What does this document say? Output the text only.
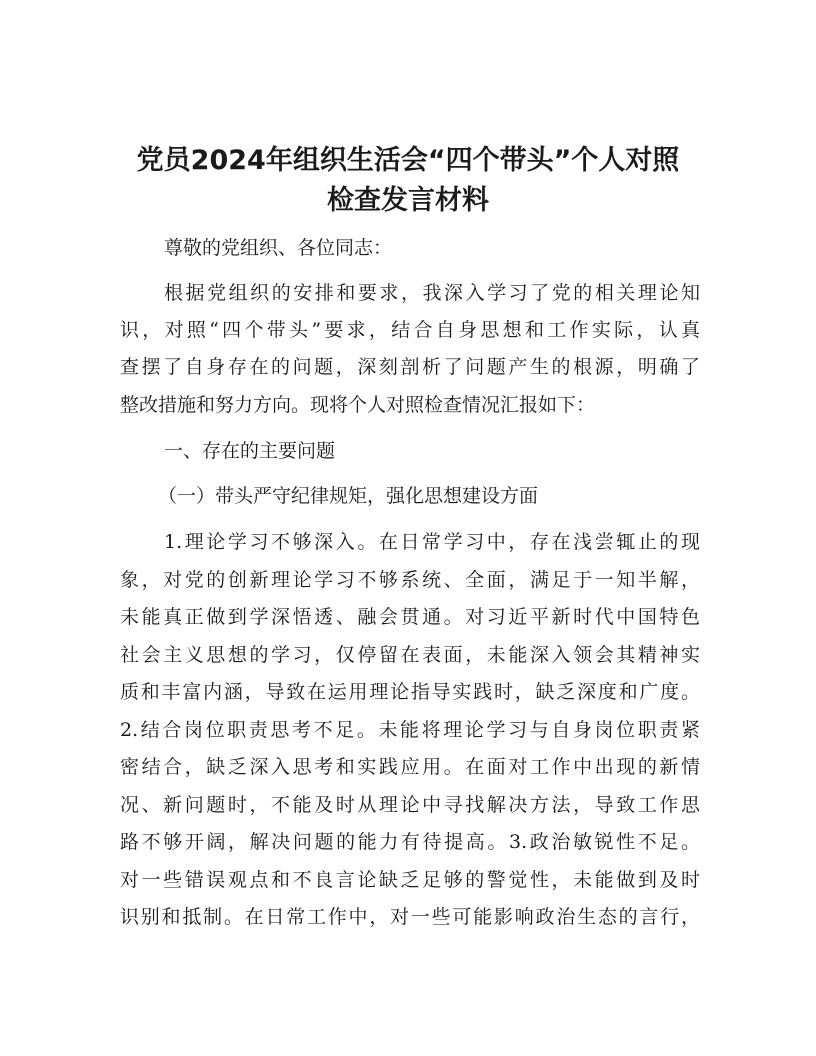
党员2024年组织生活会“四个带头”个人对照
检查发言材料

尊敬的党组织、各位同志：

根据党组织的安排和要求，我深入学习了党的相关理论知

识，对照“四个带头”要求，结合自身思想和工作实际，认真

查摆了自身存在的问题，深刻剖析了问题产生的根源，明确了

整改措施和努力方向。现将个人对照检查情况汇报如下：

一、存在的主要问题

（一）带头严守纪律规矩，强化思想建设方面

1.理论学习不够深入。在日常学习中，存在浅尝辄止的现

象，对党的创新理论学习不够系统、全面，满足于一知半解，

未能真正做到学深悟透、融会贯通。对习近平新时代中国特色

社会主义思想的学习，仅停留在表面，未能深入领会其精神实

质和丰富内涵，导致在运用理论指导实践时，缺乏深度和广度。

2.结合岗位职责思考不足。未能将理论学习与自身岗位职责紧

密结合，缺乏深入思考和实践应用。在面对工作中出现的新情

况、新问题时，不能及时从理论中寻找解决方法，导致工作思

路不够开阔，解决问题的能力有待提高。3.政治敏锐性不足。

对一些错误观点和不良言论缺乏足够的警觉性，未能做到及时

识别和抵制。在日常工作中，对一些可能影响政治生态的言行，
